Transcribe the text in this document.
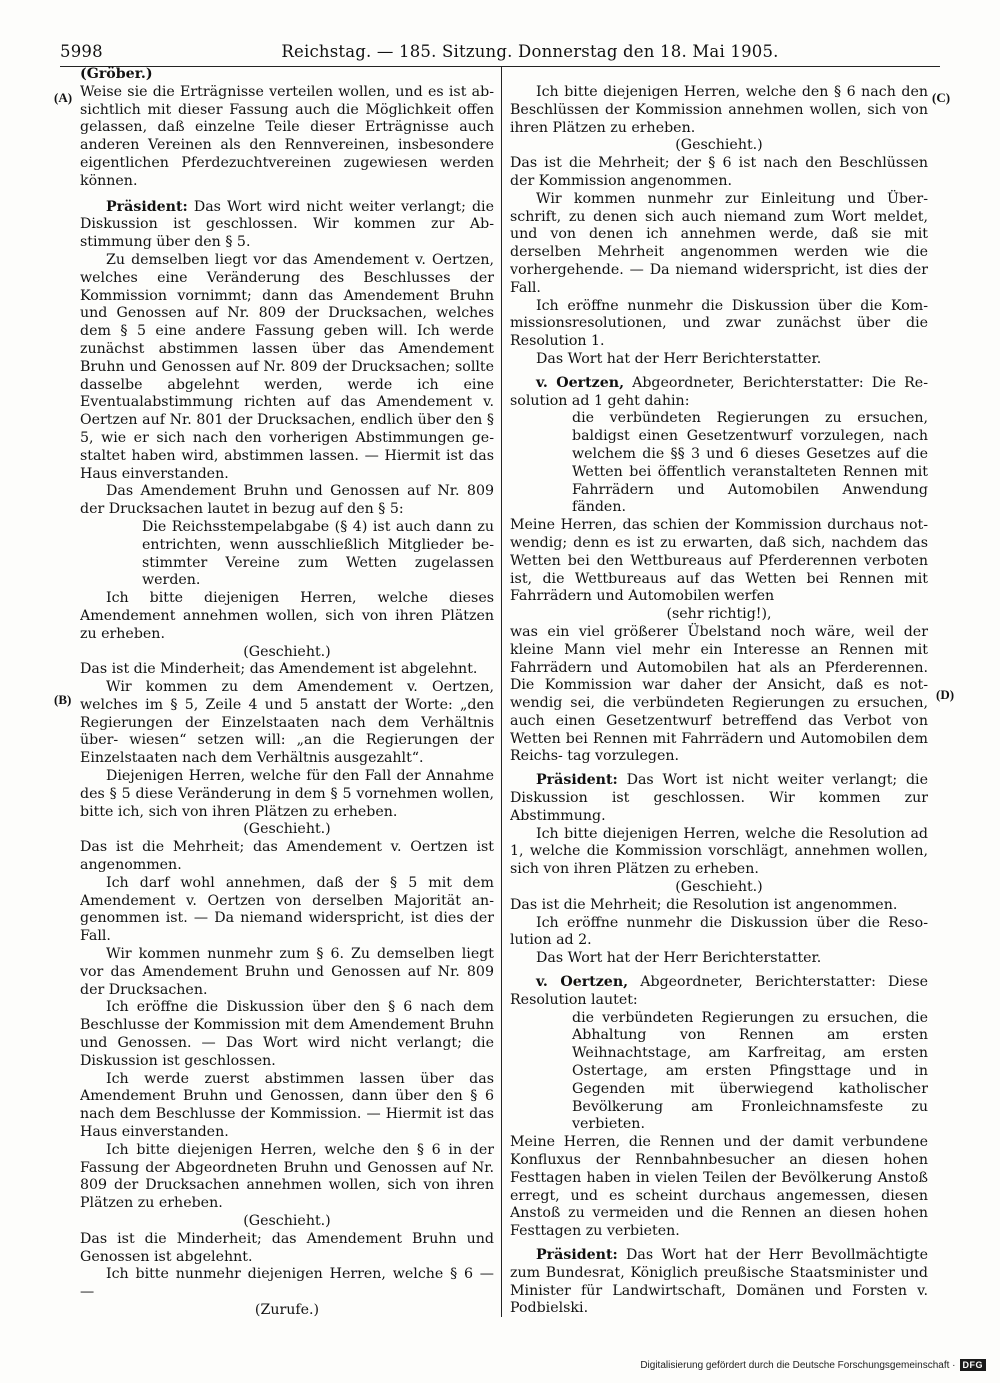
5998	Reichstag. — 185. Sitzung. Donnerstag den 18. Mai 1905.
(A)
(B)
(C)
(D)

(Gröber.)

Weise sie die Erträgnisse verteilen wollen, und es ist ab- sichtlich mit dieser Fassung auch die Möglichkeit offen gelassen, daß einzelne Teile dieser Erträgnisse auch anderen Vereinen als den Rennvereinen, insbesondere eigentlichen Pferdezuchtvereinen zugewiesen werden können.

Präsident: Das Wort wird nicht weiter verlangt; die Diskussion ist geschlossen. Wir kommen zur Ab- stimmung über den § 5.

Zu demselben liegt vor das Amendement v. Oertzen, welches eine Veränderung des Beschlusses der Kommission vornimmt; dann das Amendement Bruhn und Genossen auf Nr. 809 der Drucksachen, welches dem § 5 eine andere Fassung geben will. Ich werde zunächst abstimmen lassen über das Amendement Bruhn und Genossen auf Nr. 809 der Drucksachen; sollte dasselbe abgelehnt werden, werde ich eine Eventualabstimmung richten auf das Amendement v. Oertzen auf Nr. 801 der Drucksachen, endlich über den § 5, wie er sich nach den vorherigen Abstimmungen ge- staltet haben wird, abstimmen lassen. — Hiermit ist das Haus einverstanden.

Das Amendement Bruhn und Genossen auf Nr. 809 der Drucksachen lautet in bezug auf den § 5:

Die Reichsstempelabgabe (§ 4) ist auch dann zu entrichten, wenn ausschließlich Mitglieder be- stimmter Vereine zum Wetten zugelassen werden.

Ich bitte diejenigen Herren, welche dieses Amendement annehmen wollen, sich von ihren Plätzen zu erheben.

(Geschieht.)

Das ist die Minderheit; das Amendement ist abgelehnt.

Wir kommen zu dem Amendement v. Oertzen, welches im § 5, Zeile 4 und 5 anstatt der Worte: „den Regierungen der Einzelstaaten nach dem Verhältnis über- wiesen“ setzen will: „an die Regierungen der Einzelstaaten nach dem Verhältnis ausgezahlt“.

Diejenigen Herren, welche für den Fall der Annahme des § 5 diese Veränderung in dem § 5 vornehmen wollen, bitte ich, sich von ihren Plätzen zu erheben.

(Geschieht.)

Das ist die Mehrheit; das Amendement v. Oertzen ist angenommen.

Ich darf wohl annehmen, daß der § 5 mit dem Amendement v. Oertzen von derselben Majorität an- genommen ist. — Da niemand widerspricht, ist dies der Fall.

Wir kommen nunmehr zum § 6. Zu demselben liegt vor das Amendement Bruhn und Genossen auf Nr. 809 der Drucksachen.

Ich eröffne die Diskussion über den § 6 nach dem Beschlusse der Kommission mit dem Amendement Bruhn und Genossen. — Das Wort wird nicht verlangt; die Diskussion ist geschlossen.

Ich werde zuerst abstimmen lassen über das Amendement Bruhn und Genossen, dann über den § 6 nach dem Beschlusse der Kommission. — Hiermit ist das Haus einverstanden.

Ich bitte diejenigen Herren, welche den § 6 in der Fassung der Abgeordneten Bruhn und Genossen auf Nr. 809 der Drucksachen annehmen wollen, sich von ihren Plätzen zu erheben.

(Geschieht.)

Das ist die Minderheit; das Amendement Bruhn und Genossen ist abgelehnt.

Ich bitte nunmehr diejenigen Herren, welche § 6 — —

(Zurufe.)

Ich bitte diejenigen Herren, welche den § 6 nach den Beschlüssen der Kommission annehmen wollen, sich von ihren Plätzen zu erheben.

(Geschieht.)

Das ist die Mehrheit; der § 6 ist nach den Beschlüssen der Kommission angenommen.

Wir kommen nunmehr zur Einleitung und Über- schrift, zu denen sich auch niemand zum Wort meldet, und von denen ich annehmen werde, daß sie mit derselben Mehrheit angenommen werden wie die vorhergehende. — Da niemand widerspricht, ist dies der Fall.

Ich eröffne nunmehr die Diskussion über die Kom- missionsresolutionen, und zwar zunächst über die Resolution 1.

Das Wort hat der Herr Berichterstatter.

v. Oertzen, Abgeordneter, Berichterstatter: Die Re- solution ad 1 geht dahin:

die verbündeten Regierungen zu ersuchen, baldigst einen Gesetzentwurf vorzulegen, nach welchem die §§ 3 und 6 dieses Gesetzes auf die Wetten bei öffentlich veranstalteten Rennen mit Fahrrädern und Automobilen Anwendung fänden.

Meine Herren, das schien der Kommission durchaus not- wendig; denn es ist zu erwarten, daß sich, nachdem das Wetten bei den Wettbureaus auf Pferderennen verboten ist, die Wettbureaus auf das Wetten bei Rennen mit Fahrrädern und Automobilen werfen

(sehr richtig!),

was ein viel größerer Übelstand noch wäre, weil der kleine Mann viel mehr ein Interesse an Rennen mit Fahrrädern und Automobilen hat als an Pferderennen. Die Kommission war daher der Ansicht, daß es not- wendig sei, die verbündeten Regierungen zu ersuchen, auch einen Gesetzentwurf betreffend das Verbot von Wetten bei Rennen mit Fahrrädern und Automobilen dem Reichs- tag vorzulegen.

Präsident: Das Wort ist nicht weiter verlangt; die Diskussion ist geschlossen. Wir kommen zur Abstimmung.

Ich bitte diejenigen Herren, welche die Resolution ad 1, welche die Kommission vorschlägt, annehmen wollen, sich von ihren Plätzen zu erheben.

(Geschieht.)

Das ist die Mehrheit; die Resolution ist angenommen.

Ich eröffne nunmehr die Diskussion über die Reso- lution ad 2.

Das Wort hat der Herr Berichterstatter.

v. Oertzen, Abgeordneter, Berichterstatter: Diese Resolution lautet:

die verbündeten Regierungen zu ersuchen, die Abhaltung von Rennen am ersten Weihnachtstage, am Karfreitag, am ersten Ostertage, am ersten Pfingsttage und in Gegenden mit überwiegend katholischer Bevölkerung am Fronleichnamsfeste zu verbieten.

Meine Herren, die Rennen und der damit verbundene Konfluxus der Rennbahnbesucher an diesen hohen Festtagen haben in vielen Teilen der Bevölkerung Anstoß erregt, und es scheint durchaus angemessen, diesen Anstoß zu vermeiden und die Rennen an diesen hohen Festtagen zu verbieten.

Präsident: Das Wort hat der Herr Bevollmächtigte zum Bundesrat, Königlich preußische Staatsminister und Minister für Landwirtschaft, Domänen und Forsten v. Podbielski.

Digitalisierung gefördert durch die Deutsche Forschungsgemeinschaft · DFG
